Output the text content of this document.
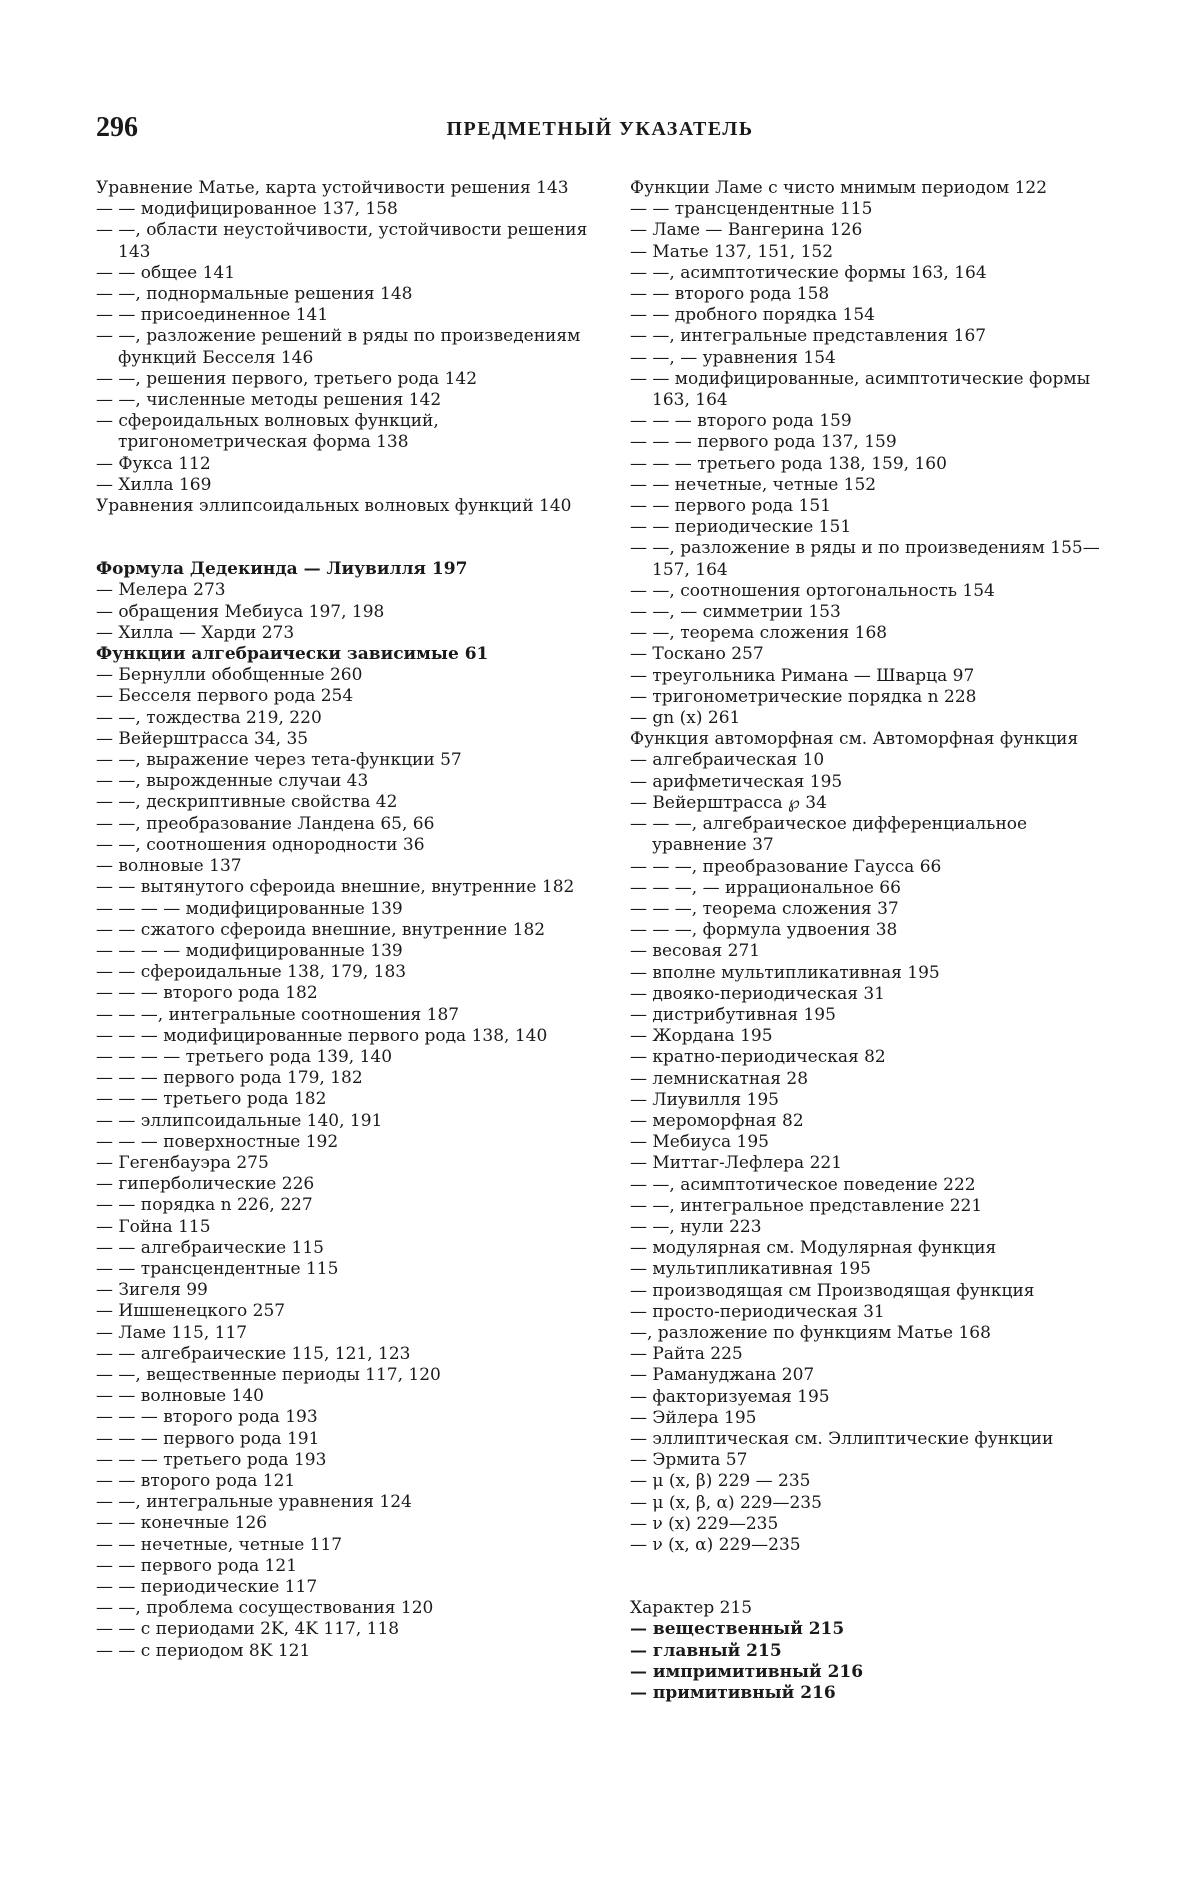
296	ПРЕДМЕТНЫЙ УКАЗАТЕЛЬ
Уравнение Матье, карта устойчивости решения 143
— — модифицированное 137, 158
— —, области неустойчивости, устойчивости решения 143
— — общее 141
— —, поднормальные решения 148
— — присоединенное 141
— —, разложение решений в ряды по произведениям функций Бесселя 146
— —, решения первого, третьего рода 142
— —, численные методы решения 142
— сфероидальных волновых функций, тригонометрическая форма 138
— Фукса 112
— Хилла 169
Уравнения эллипсоидальных волновых функций 140
Формула Дедекинда — Лиувилля 197
— Мелера 273
— обращения Мебиуса 197, 198
— Хилла — Харди 273
Функции алгебраически зависимые 61
— Бернулли обобщенные 260
— Бесселя первого рода 254
— —, тождества 219, 220
— Вейерштрасса 34, 35
— —, выражение через тета-функции 57
— —, вырожденные случаи 43
— —, дескриптивные свойства 42
— —, преобразование Ландена 65, 66
— —, соотношения однородности 36
— волновые 137
— — вытянутого сфероида внешние, внутренние 182
— — — — модифицированные 139
— — сжатого сфероида внешние, внутренние 182
— — — — модифицированные 139
— — сфероидальные 138, 179, 183
— — — второго рода 182
— — —, интегральные соотношения 187
— — — модифицированные первого рода 138, 140
— — — — третьего рода 139, 140
— — — первого рода 179, 182
— — — третьего рода 182
— — эллипсоидальные 140, 191
— — — поверхностные 192
— Гегенбауэра 275
— гиперболические 226
— — порядка n 226, 227
— Гойна 115
— — алгебраические 115
— — трансцендентные 115
— Зигеля 99
— Ишшенецкого 257
— Ламе 115, 117
— — алгебраические 115, 121, 123
— —, вещественные периоды 117, 120
— — волновые 140
— — — второго рода 193
— — — первого рода 191
— — — третьего рода 193
— — второго рода 121
— —, интегральные уравнения 124
— — конечные 126
— — нечетные, четные 117
— — первого рода 121
— — периодические 117
— —, проблема сосуществования 120
— — с периодами 2K, 4K 117, 118
— — с периодом 8K 121
Функции Ламе с чисто мнимым периодом 122
— — трансцендентные 115
— Ламе — Вангерина 126
— Матье 137, 151, 152
— —, асимптотические формы 163, 164
— — второго рода 158
— — дробного порядка 154
— —, интегральные представления 167
— —, — уравнения 154
— — модифицированные, асимптотические формы 163, 164
— — — второго рода 159
— — — первого рода 137, 159
— — — третьего рода 138, 159, 160
— — нечетные, четные 152
— — первого рода 151
— — периодические 151
— —, разложение в ряды и по произведениям 155—157, 164
— —, соотношения ортогональность 154
— —, — симметрии 153
— —, теорема сложения 168
— Тоскано 257
— треугольника Римана — Шварца 97
— тригонометрические порядка n 228
— gn (x) 261
Функция автоморфная см. Автоморфная функция
— алгебраическая 10
— арифметическая 195
— Вейерштрасса ℘ 34
— — —, алгебраическое дифференциальное уравнение 37
— — —, преобразование Гаусса 66
— — —, — иррациональное 66
— — —, теорема сложения 37
— — —, формула удвоения 38
— весовая 271
— вполне мультипликативная 195
— двояко-периодическая 31
— дистрибутивная 195
— Жордана 195
— кратно-периодическая 82
— лемнискатная 28
— Лиувилля 195
— мероморфная 82
— Мебиуса 195
— Миттаг-Лефлера 221
— —, асимптотическое поведение 222
— —, интегральное представление 221
— —, нули 223
— модулярная см. Модулярная функция
— мультипликативная 195
— производящая см Производящая функция
— просто-периодическая 31
—, разложение по функциям Матье 168
— Райта 225
— Рамануджана 207
— факторизуемая 195
— Эйлера 195
— эллиптическая см. Эллиптические функции
— Эрмита 57
— μ (x, β) 229 — 235
— μ (x, β, α) 229—235
— ν (x) 229—235
— ν (x, α) 229—235
Характер 215
— вещественный 215
— главный 215
— импримитивный 216
— примитивный 216
